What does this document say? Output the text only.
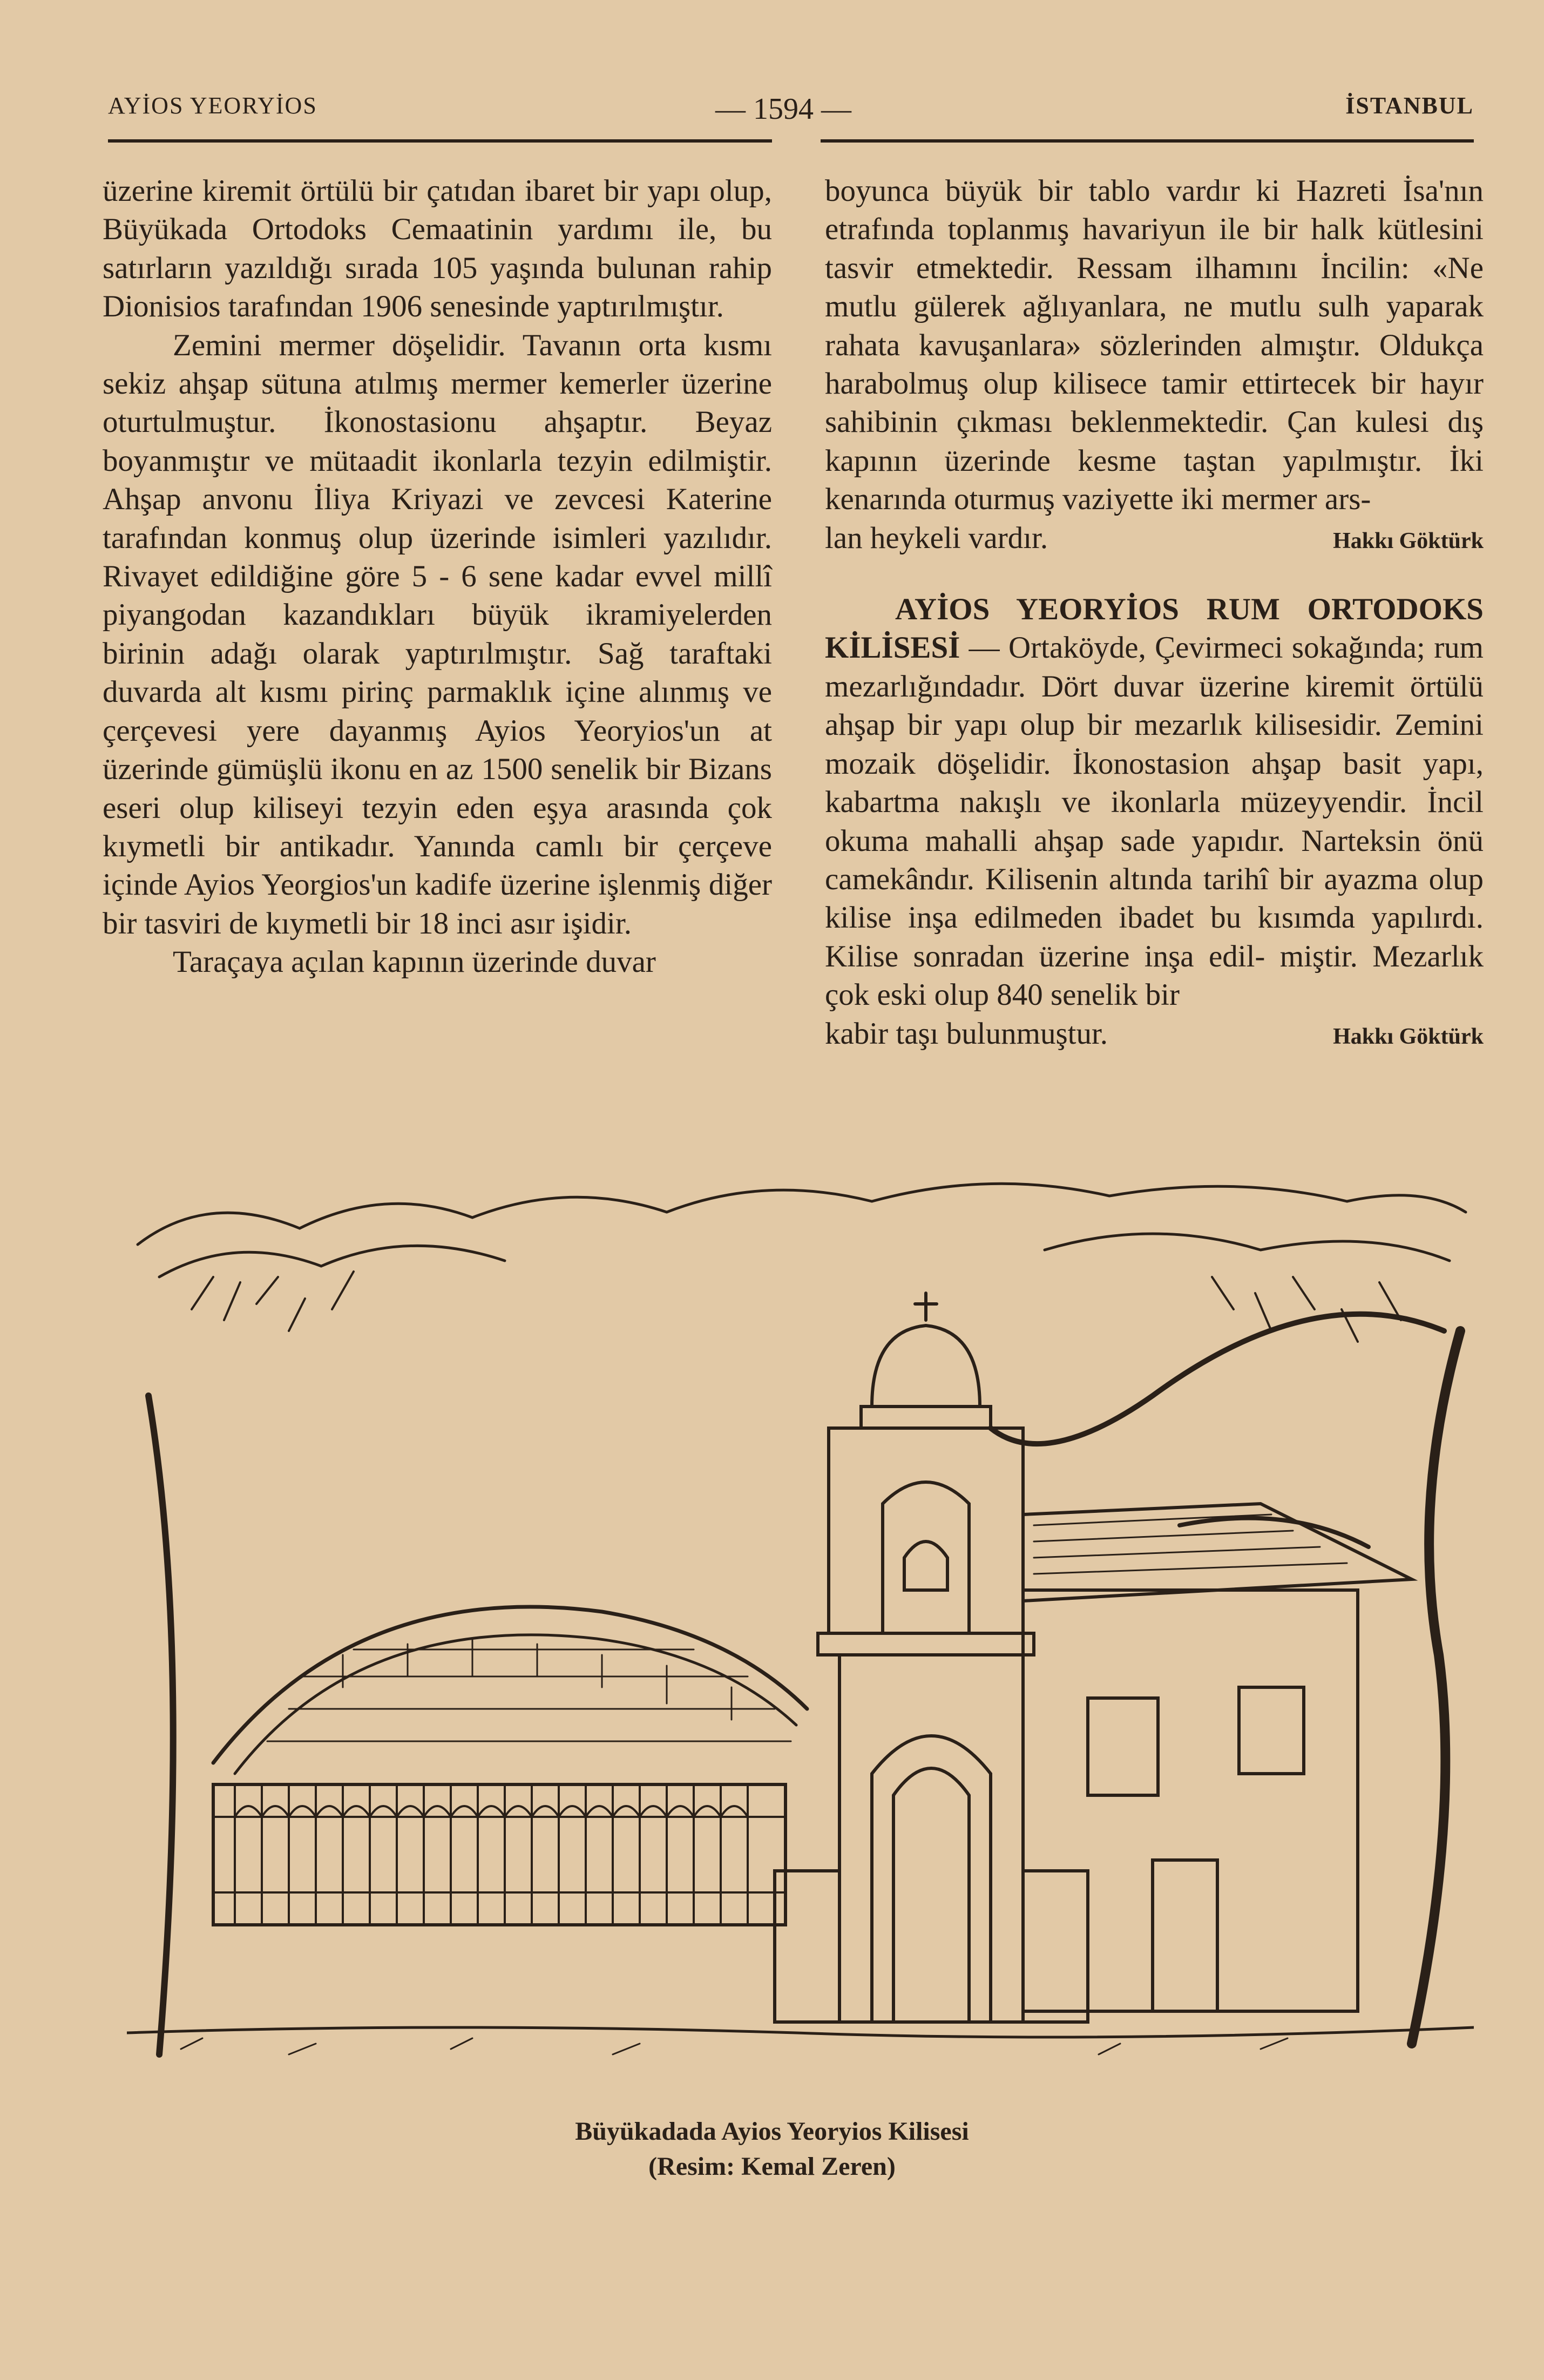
AYİOS YEORYİOS	— 1594 —	İSTANBUL

üzerine kiremit örtülü bir çatıdan ibaret bir yapı olup, Büyükada Ortodoks Cemaatinin yardımı ile, bu satırların yazıldığı sırada 105 yaşında bulunan rahip Dionisios tarafından 1906 senesinde yaptırılmıştır.

Zemini mermer döşelidir. Tavanın orta kısmı sekiz ahşap sütuna atılmış mermer kemerler üzerine oturtulmuştur. İkonostasionu ahşaptır. Beyaz boyanmıştır ve mütaadit ikonlarla tezyin edilmiştir. Ahşap anvonu İliya Kriyazi ve zevcesi Katerine tarafından konmuş olup üzerinde isimleri yazılıdır. Rivayet edildiğine göre 5 - 6 sene kadar evvel millî piyangodan kazandıkları büyük ikramiyelerden birinin adağı olarak yaptırılmıştır. Sağ taraftaki duvarda alt kısmı pirinç parmaklık içine alınmış ve çerçevesi yere dayanmış Ayios Yeoryios'un at üzerinde gümüşlü ikonu en az 1500 senelik bir Bizans eseri olup kiliseyi tezyin eden eşya arasında çok kıymetli bir antikadır. Yanında camlı bir çerçeve içinde Ayios Yeorgios'un kadife üzerine işlenmiş diğer bir tasviri de kıymetli bir 18 inci asır işidir.

Taraçaya açılan kapının üzerinde duvar

boyunca büyük bir tablo vardır ki Hazreti İsa'nın etrafında toplanmış havariyun ile bir halk kütlesini tasvir etmektedir. Ressam ilhamını İncilin: «Ne mutlu gülerek ağlıyanlara, ne mutlu sulh yaparak rahata kavuşanlara» sözlerinden almıştır. Oldukça harabolmuş olup kilisece tamir ettirtecek bir hayır sahibinin çıkması beklenmektedir. Çan kulesi dış kapının üzerinde kesme taştan yapılmıştır. İki kenarında oturmuş vaziyette iki mermer ars-

lan heykeli vardır.	Hakkı Göktürk

AYİOS YEORYİOS RUM ORTODOKS KİLİSESİ — Ortaköyde, Çevirmeci sokağında; rum mezarlığındadır. Dört duvar üzerine kiremit örtülü ahşap bir yapı olup bir mezarlık kilisesidir. Zemini mozaik döşelidir. İkonostasion ahşap basit yapı, kabartma nakışlı ve ikonlarla müzeyyendir. İncil okuma mahalli ahşap sade yapıdır. Narteksin önü camekândır. Kilisenin altında tarihî bir ayazma olup kilise inşa edilmeden ibadet bu kısımda yapılırdı. Kilise sonradan üzerine inşa edil- miştir. Mezarlık çok eski olup 840 senelik bir

kabir taşı bulunmuştur.	Hakkı Göktürk

Büyükadada Ayios Yeoryios Kilisesi
(Resim: Kemal Zeren)
